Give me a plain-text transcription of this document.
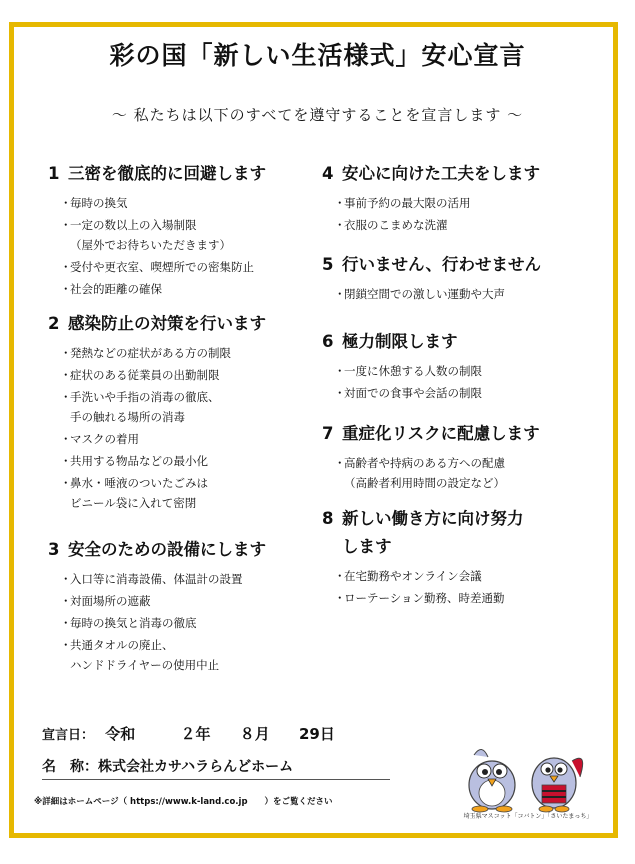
彩の国「新しい生活様式」安心宣言
～ 私たちは以下のすべてを遵守することを宣言します ～
1 三密を徹底的に回避します
・
毎時の換気
・
一定の数以上の入場制限
（屋外でお待ちいただきます）
・
受付や更衣室、喫煙所での密集防止
・
社会的距離の確保
2 感染防止の対策を行います
・
発熱などの症状がある方の制限
・
症状のある従業員の出勤制限
・
手洗いや手指の消毒の徹底、
手の触れる場所の消毒
・
マスクの着用
・
共用する物品などの最小化
・
鼻水・唾液のついたごみは
ビニール袋に入れて密閉
3 安全のための設備にします
・
入口等に消毒設備、体温計の設置
・
対面場所の遮蔽
・
毎時の換気と消毒の徹底
・
共通タオルの廃止、
ハンドドライヤーの使用中止
4 安心に向けた工夫をします
・
事前予約の最大限の活用
・
衣服のこまめな洗濯
5 行いません、行わせません
・
閉鎖空間での激しい運動や大声
6 極力制限します
・
一度に休憩する人数の制限
・
対面での食事や会話の制限
7 重症化リスクに配慮します
・
高齢者や持病のある方への配慮
（高齢者利用時間の設定など）
8 新しい働き方に向け努力
します
・
在宅勤務やオンライン会議
・
ローテーション勤務、時差通勤
宣言日： 令和	２年 ８月 29日
名　称：株式会社カサハラらんどホーム
※詳細はホームページ（ https://www.k-land.co.jp　　）をご覧ください
埼玉県マスコット「コバトン」「さいたまっち」
